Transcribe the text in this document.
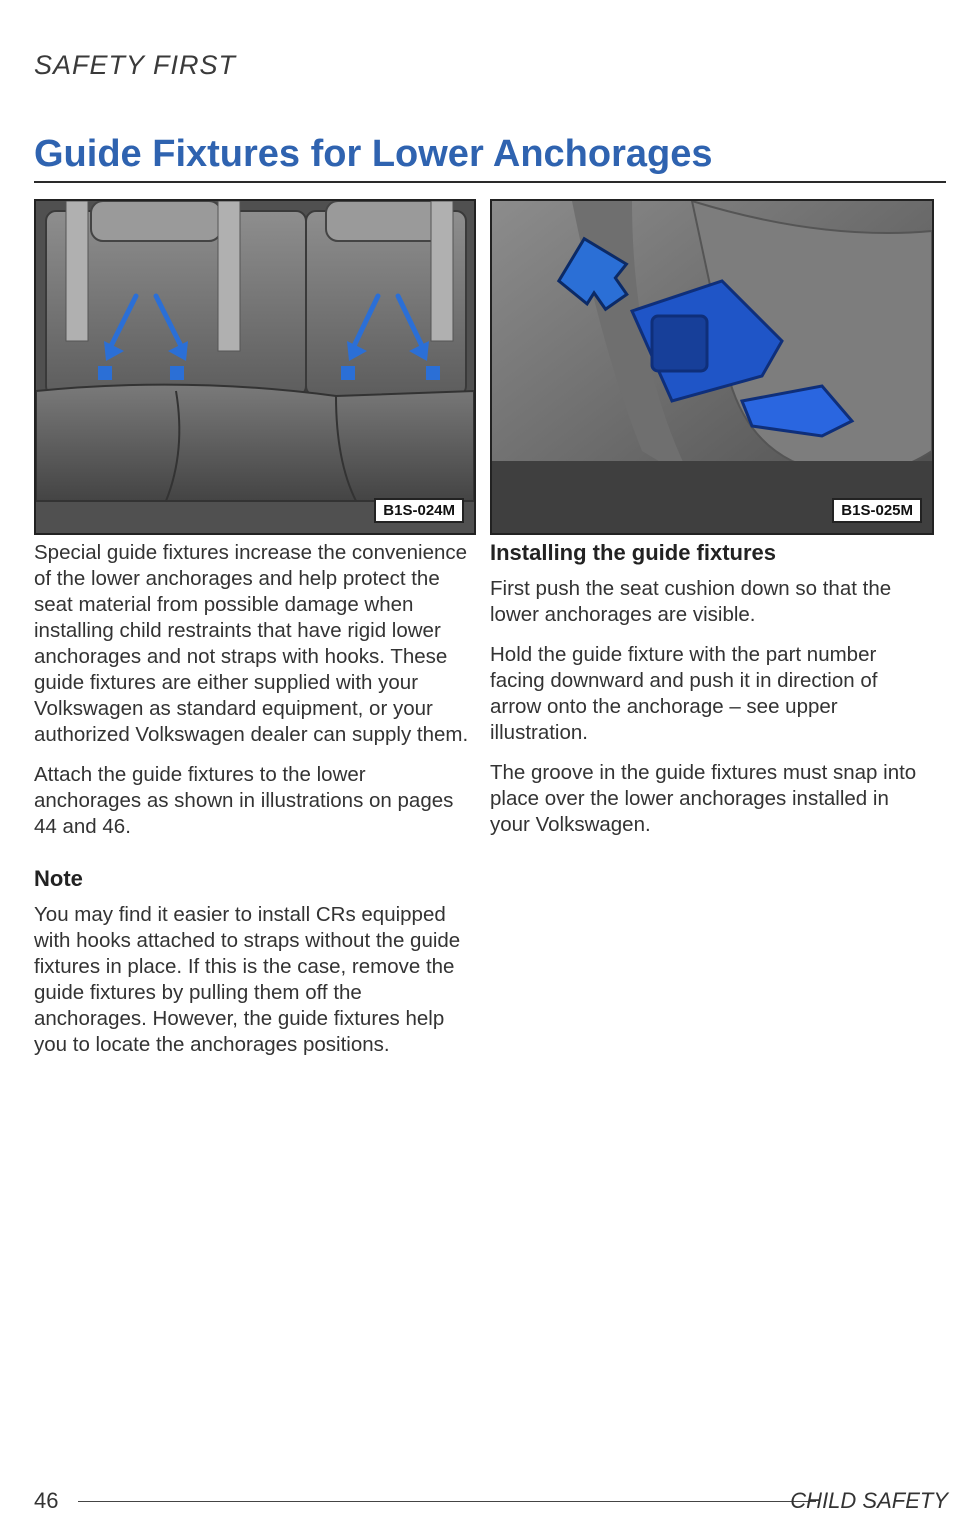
SAFETY FIRST
Guide Fixtures for Lower Anchorages
B1S-024M	B1S-025M

Special guide fixtures increase the convenience of the lower anchorages and help protect the seat material from possible damage when installing child restraints that have rigid lower anchorages and not straps with hooks. These guide fixtures are either supplied with your Volkswagen as standard equipment, or your authorized Volkswagen dealer can supply them.

Attach the guide fixtures to the lower anchorages as shown in illustrations on pages 44 and 46.

Note

You may find it easier to install CRs equipped with hooks attached to straps without the guide fixtures in place. If this is the case, remove the guide fixtures by pulling them off the anchorages. However, the guide fixtures help you to locate the anchorages positions.

Installing the guide fixtures

First push the seat cushion down so that the lower anchorages are visible.

Hold the guide fixture with the part number facing downward and push it in direction of arrow onto the anchorage – see upper illustration.

The groove in the guide fixtures must snap into place over the lower anchorages installed in your Volkswagen.

46	CHILD SAFETY
